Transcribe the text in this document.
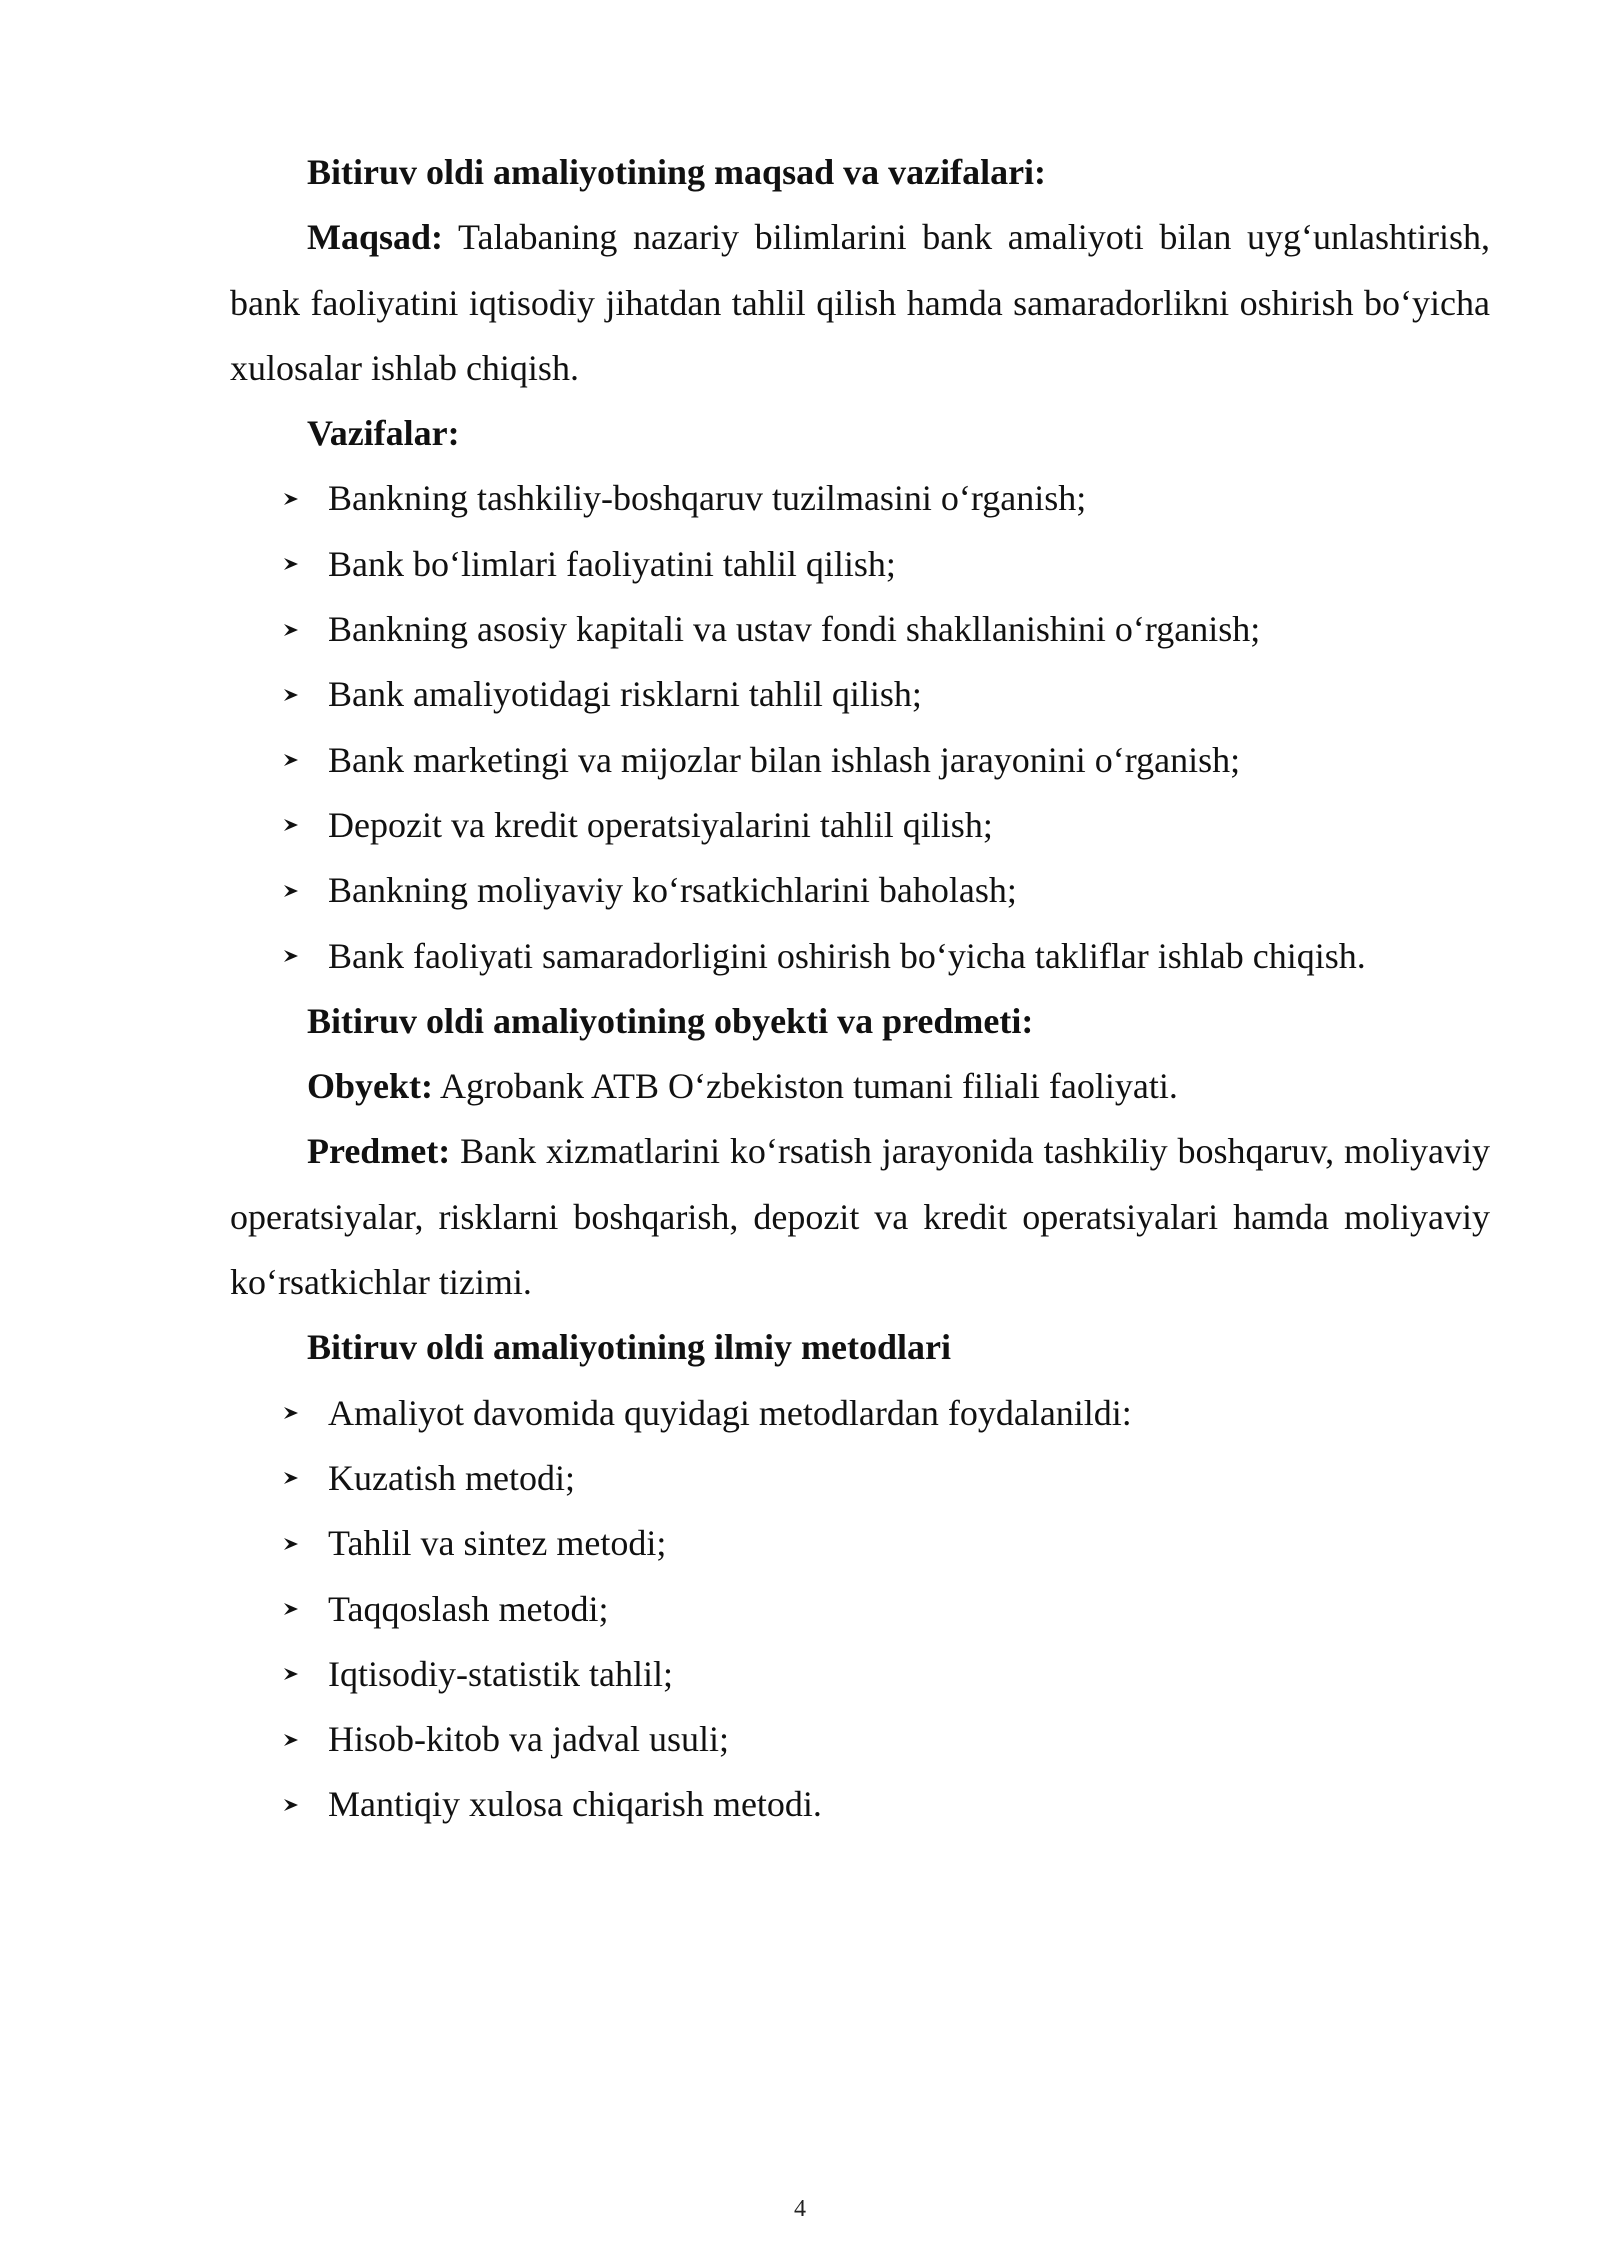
Bitiruv oldi amaliyotining maqsad va vazifalari:

Maqsad: Talabaning nazariy bilimlarini bank amaliyoti bilan uyg‘unlashtirish, bank faoliyatini iqtisodiy jihatdan tahlil qilish hamda samaradorlikni oshirish bo‘yicha xulosalar ishlab chiqish.

Vazifalar:

Bankning tashkiliy-boshqaruv tuzilmasini o‘rganish;
Bank bo‘limlari faoliyatini tahlil qilish;
Bankning asosiy kapitali va ustav fondi shakllanishini o‘rganish;
Bank amaliyotidagi risklarni tahlil qilish;
Bank marketingi va mijozlar bilan ishlash jarayonini o‘rganish;
Depozit va kredit operatsiyalarini tahlil qilish;
Bankning moliyaviy ko‘rsatkichlarini baholash;
Bank faoliyati samaradorligini oshirish bo‘yicha takliflar ishlab chiqish.

Bitiruv oldi amaliyotining obyekti va predmeti:

Obyekt: Agrobank ATB O‘zbekiston tumani filiali faoliyati.

Predmet: Bank xizmatlarini ko‘rsatish jarayonida tashkiliy boshqaruv, moliyaviy operatsiyalar, risklarni boshqarish, depozit va kredit operatsiyalari hamda moliyaviy ko‘rsatkichlar tizimi.

Bitiruv oldi amaliyotining ilmiy metodlari

Amaliyot davomida quyidagi metodlardan foydalanildi:
Kuzatish metodi;
Tahlil va sintez metodi;
Taqqoslash metodi;
Iqtisodiy-statistik tahlil;
Hisob-kitob va jadval usuli;
Mantiqiy xulosa chiqarish metodi.
4
